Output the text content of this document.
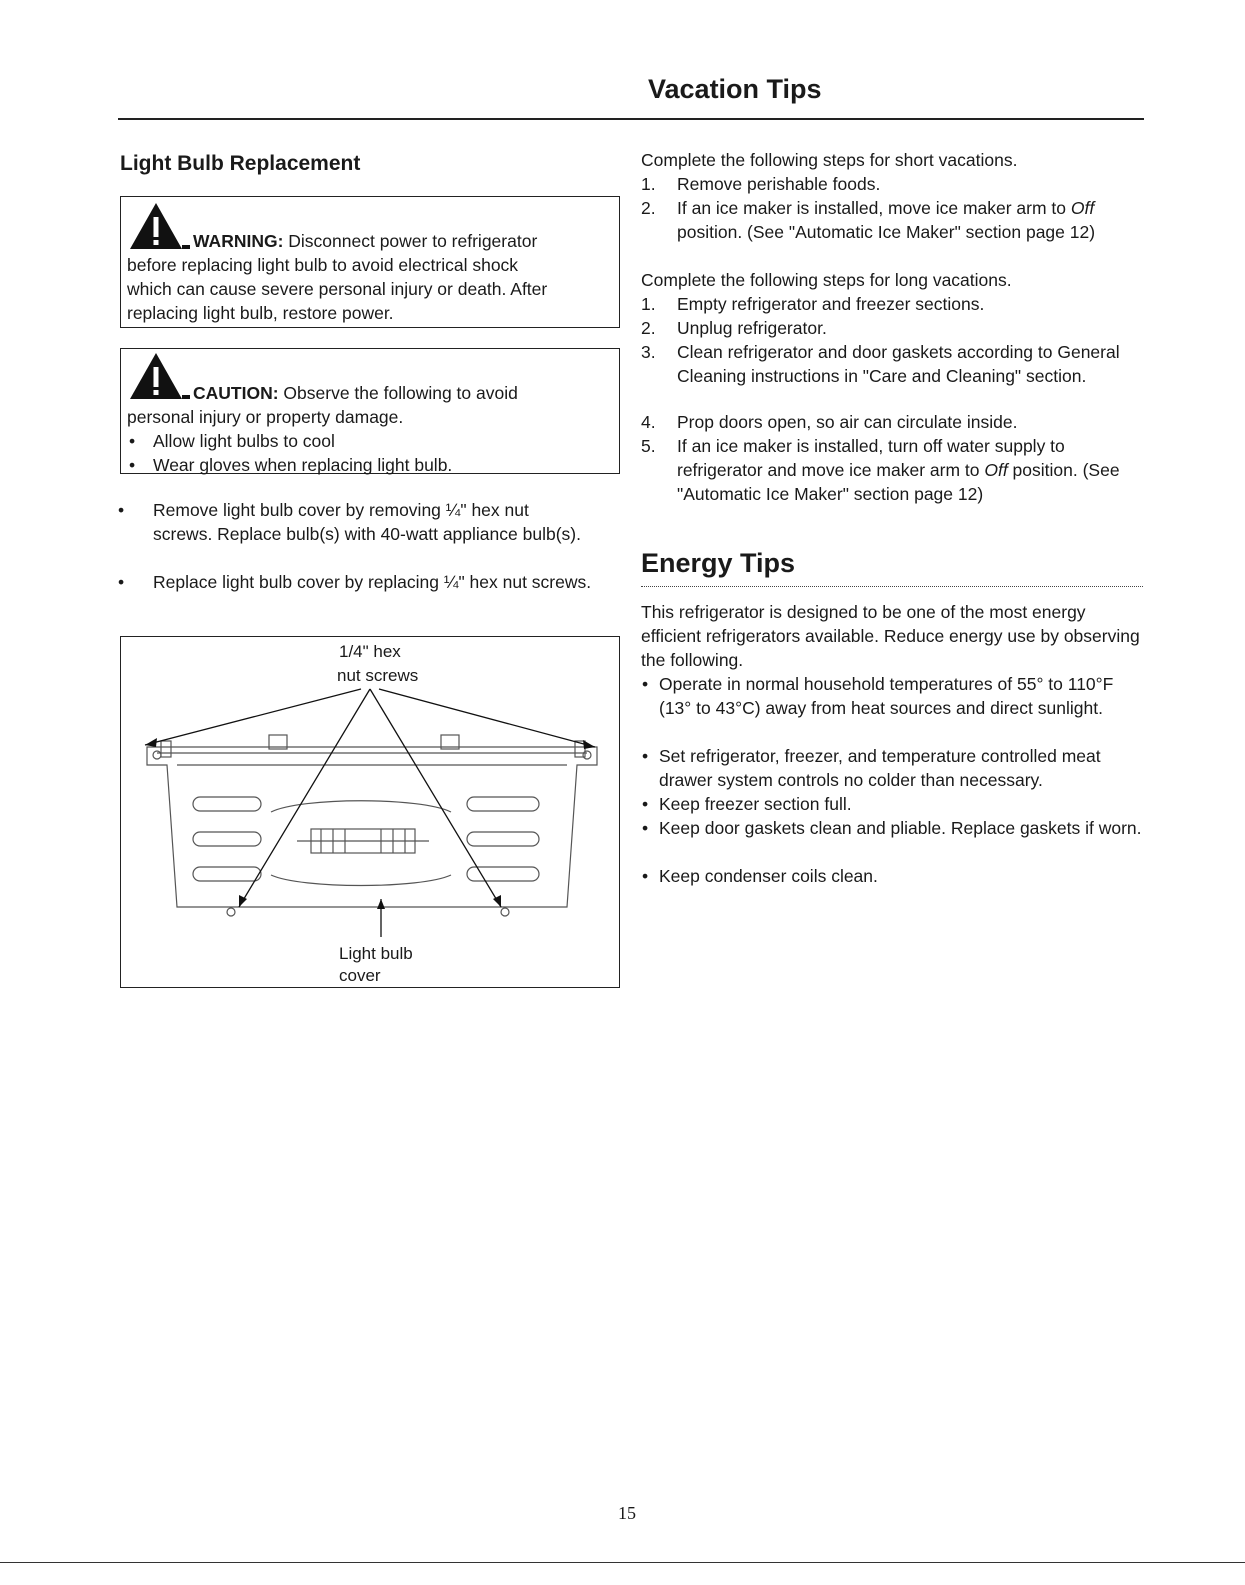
Vacation Tips
Light Bulb Replacement
WARNING: Disconnect power to refrigerator
before replacing light bulb to avoid electrical shock
which can cause severe personal injury or death. After
replacing light bulb, restore power.
CAUTION: Observe the following to avoid
personal injury or property damage.
• Allow light bulbs to cool
• Wear gloves when replacing light bulb.
• Remove light bulb cover by removing ¼" hex nut screws. Replace bulb(s) with 40-watt appliance bulb(s).
• Replace light bulb cover by replacing ¼" hex nut screws.
1/4" hex
nut screws
Light bulb
cover
Complete the following steps for short vacations.
1. Remove perishable foods.
2. If an ice maker is installed, move ice maker arm to Off position. (See "Automatic Ice Maker" section page 12)
Complete the following steps for long vacations.
1. Empty refrigerator and freezer sections.
2. Unplug refrigerator.
3. Clean refrigerator and door gaskets according to General Cleaning instructions in "Care and Cleaning" section.
4. Prop doors open, so air can circulate inside.
5. If an ice maker is installed, turn off water supply to refrigerator and move ice maker arm to Off position. (See "Automatic Ice Maker" section page 12)
Energy Tips
This refrigerator is designed to be one of the most energy efficient refrigerators available. Reduce energy use by observing the following.
• Operate in normal household temperatures of 55° to 110°F (13° to 43°C) away from heat sources and direct sunlight.
• Set refrigerator, freezer, and temperature controlled meat drawer system controls no colder than necessary.
• Keep freezer section full.
• Keep door gaskets clean and pliable. Replace gaskets if worn.
• Keep condenser coils clean.
15
